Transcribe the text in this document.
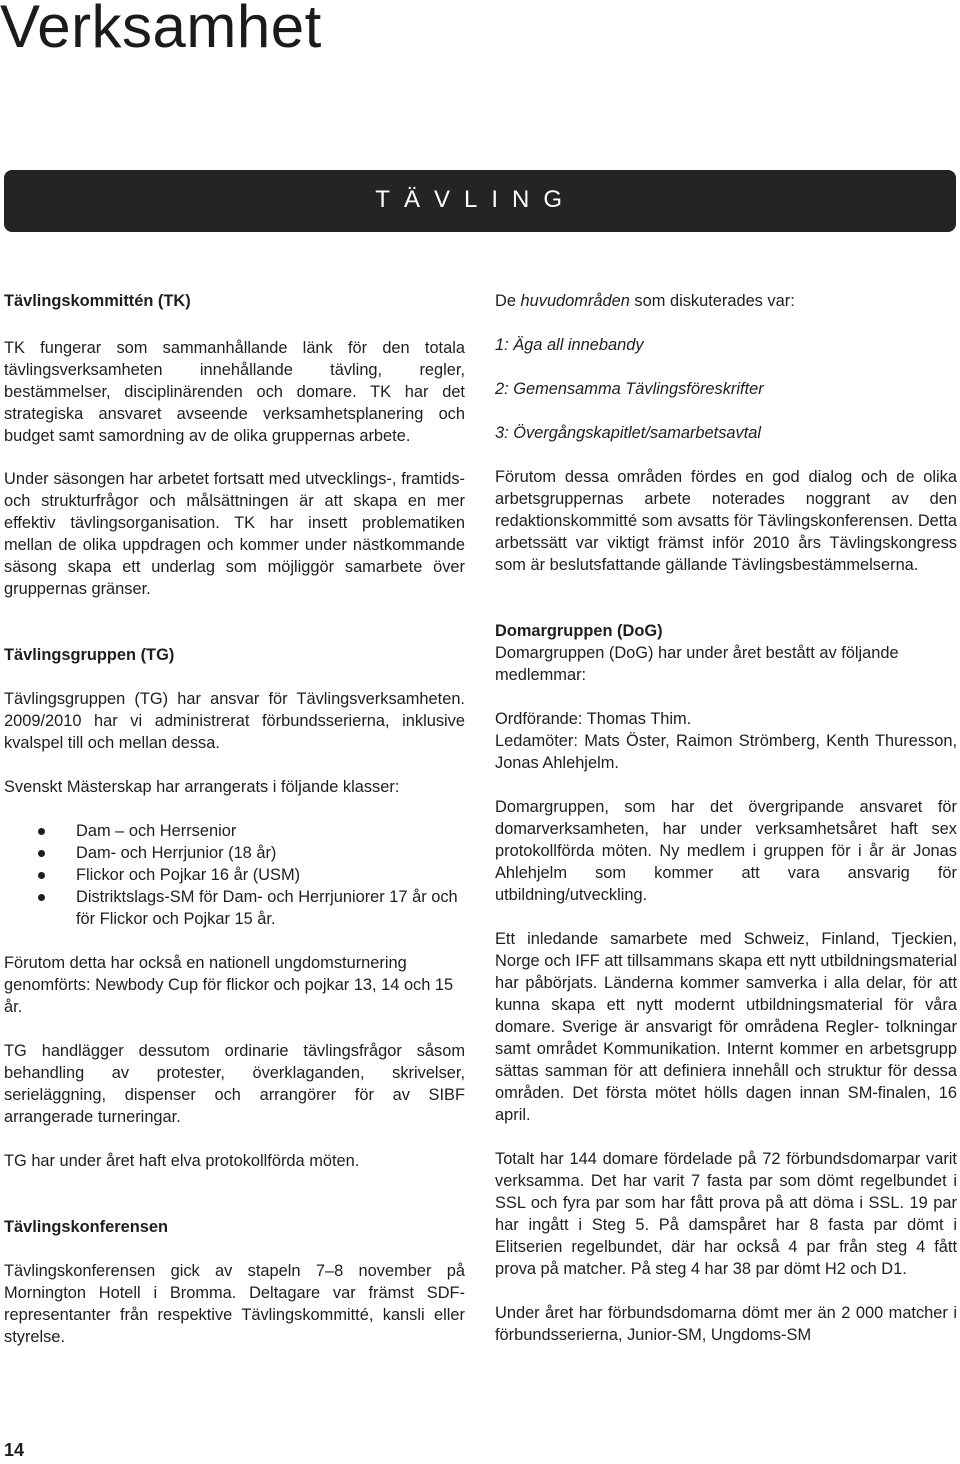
Verksamhet
TÄVLING

Tävlingskommittén (TK)

TK fungerar som sammanhållande länk för den totala tävlingsverksamheten innehållande tävling, regler, bestämmelser, disciplinärenden och domare. TK har det strategiska ansvaret avseende verksamhetsplanering och budget samt samordning av de olika gruppernas arbete.

Under säsongen har arbetet fortsatt med utvecklings-, framtids- och strukturfrågor och målsättningen är att skapa en mer effektiv tävlingsorganisation. TK har insett problematiken mellan de olika uppdragen och kommer under nästkommande säsong skapa ett underlag som möjliggör samarbete över gruppernas gränser.

Tävlingsgruppen (TG)

Tävlingsgruppen (TG) har ansvar för Tävlingsverksamheten. 2009/2010 har vi administrerat förbundsserierna, inklusive kvalspel till och mellan dessa.

Svenskt Mästerskap har arrangerats i följande klasser:

Dam – och Herrsenior
Dam- och Herrjunior (18 år)
Flickor och Pojkar 16 år (USM)
Distriktslags-SM för Dam- och Herrjuniorer 17 år och för Flickor och Pojkar 15 år.

Förutom detta har också en nationell ungdomsturnering genomförts: Newbody Cup för flickor och pojkar 13, 14 och 15 år.

TG handlägger dessutom ordinarie tävlingsfrågor såsom behandling av protester, överklaganden, skrivelser, serieläggning, dispenser och arrangörer för av SIBF arrangerade turneringar.

TG har under året haft elva protokollförda möten.

Tävlingskonferensen

Tävlingskonferensen gick av stapeln 7–8 november på Mornington Hotell i Bromma. Deltagare var främst SDF-representanter från respektive Tävlingskommitté, kansli eller styrelse.

De huvudområden som diskuterades var:

1: Äga all innebandy

2: Gemensamma Tävlingsföreskrifter

3: Övergångskapitlet/samarbetsavtal

Förutom dessa områden fördes en god dialog och de olika arbetsgruppernas arbete noterades noggrant av den redaktionskommitté som avsatts för Tävlingskonferensen. Detta arbetssätt var viktigt främst inför 2010 års Tävlingskongress som är beslutsfattande gällande Tävlingsbestämmelserna.

Domargruppen (DoG)

Domargruppen (DoG) har under året bestått av följande medlemmar:

Ordförande: Thomas Thim.

Ledamöter: Mats Öster, Raimon Strömberg, Kenth Thuresson, Jonas Ahlehjelm.

Domargruppen, som har det övergripande ansvaret för domarverksamheten, har under verksamhetsåret haft sex protokollförda möten. Ny medlem i gruppen för i år är Jonas Ahlehjelm som kommer att vara ansvarig för utbildning/utveckling.

Ett inledande samarbete med Schweiz, Finland, Tjeckien, Norge och IFF att tillsammans skapa ett nytt utbildningsmaterial har påbörjats. Länderna kommer samverka i alla delar, för att kunna skapa ett nytt modernt utbildningsmaterial för våra domare. Sverige är ansvarigt för områdena Regler- tolkningar samt området Kommunikation. Internt kommer en arbetsgrupp sättas samman för att definiera innehåll och struktur för dessa områden. Det första mötet hölls dagen innan SM-finalen, 16 april.

Totalt har 144 domare fördelade på 72 förbundsdomarpar varit verksamma. Det har varit 7 fasta par som dömt regelbundet i SSL och fyra par som har fått prova på att döma i SSL. 19 par har ingått i Steg 5. På damspåret har 8 fasta par dömt i Elitserien regelbundet, där har också 4 par från steg 4 fått prova på matcher. På steg 4 har 38 par dömt H2 och D1.

Under året har förbundsdomarna dömt mer än 2 000 matcher i förbundsserierna, Junior-SM, Ungdoms-SM

14
